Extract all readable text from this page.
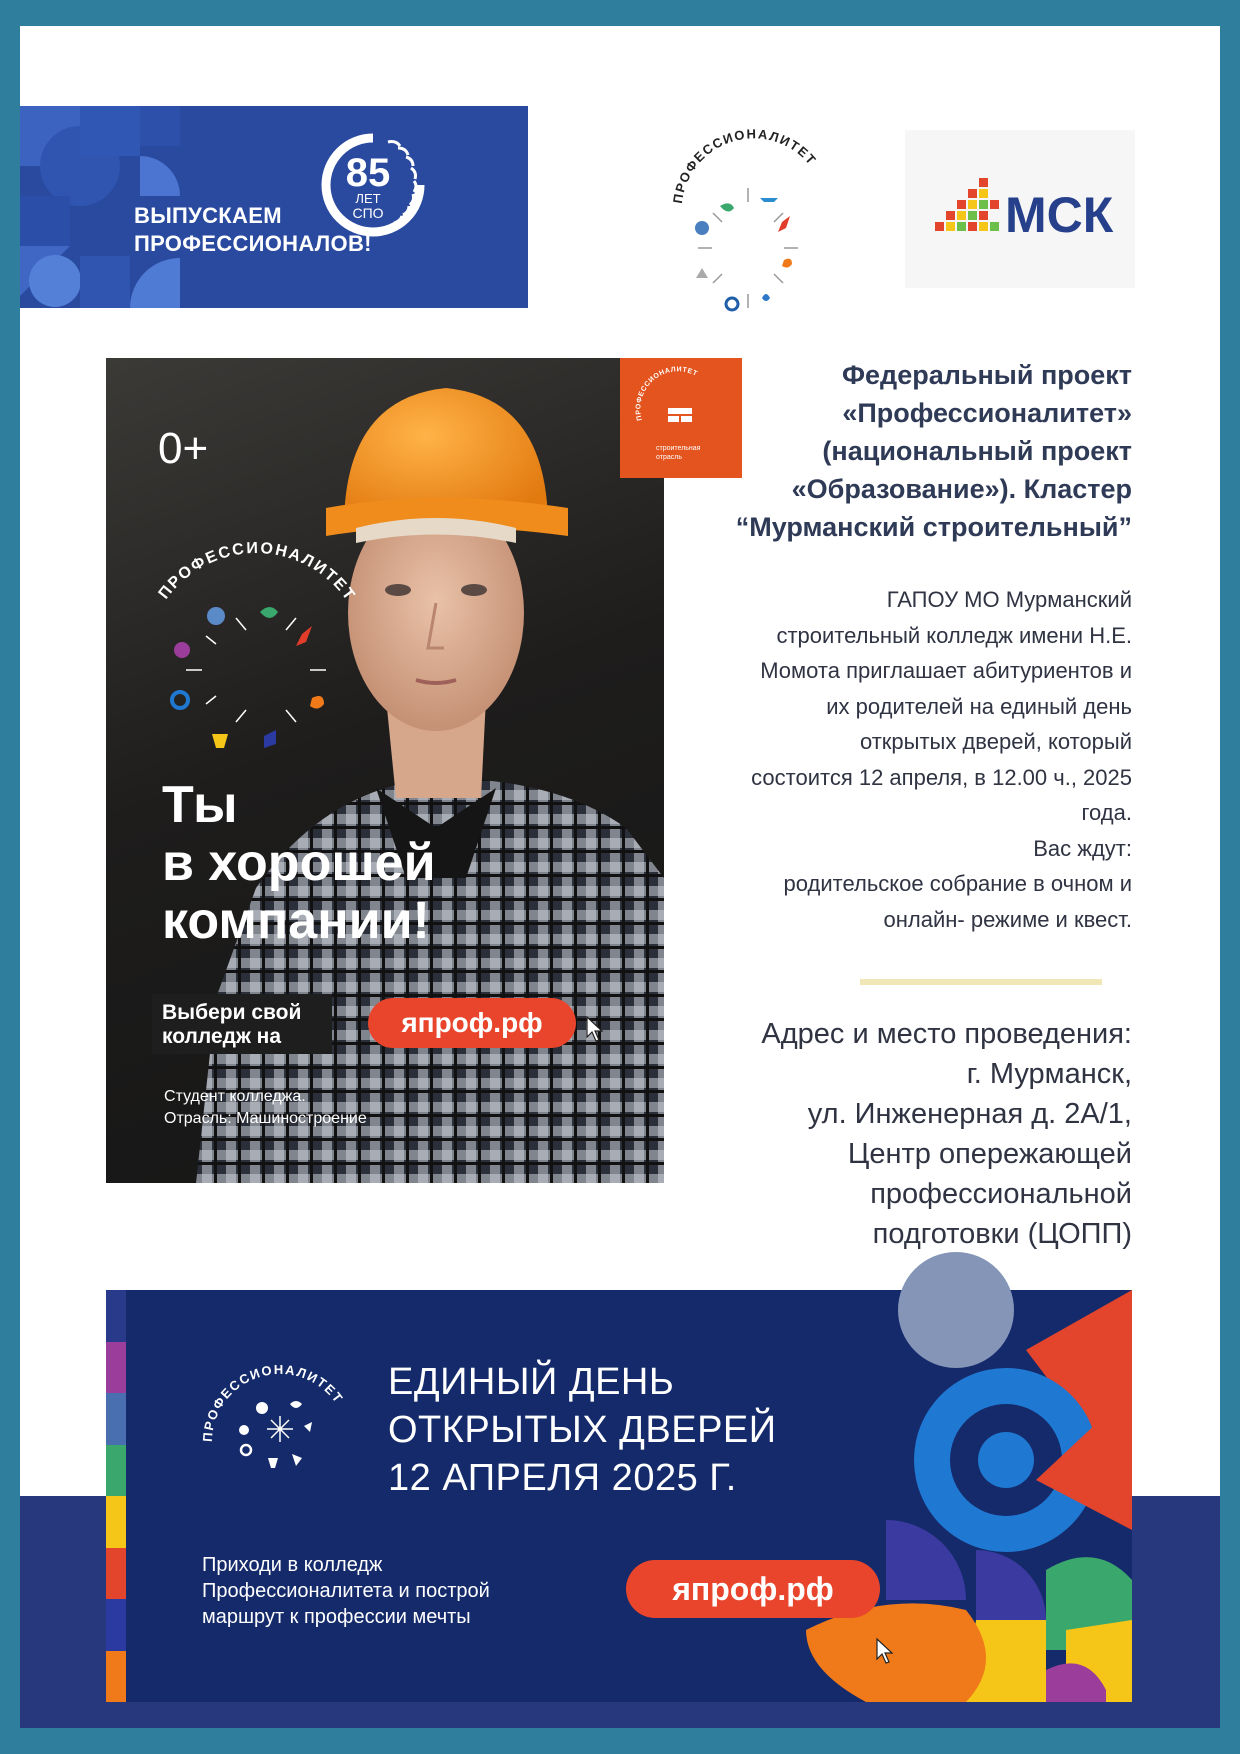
ВЫПУСКАЕМ
ПРОФЕССИОНАЛОВ!
85
ЛЕТ
СПО
ПРОФЕССИОНАЛИТЕТ
МСК
0+
ПРОФЕССИОНАЛИТЕТ
строительная
отрасль
ПРОФЕССИОНАЛИТЕТ
Ты
в хорошей
компании!
Выбери свой
колледж на	япроф.рф
Студент колледжа.
Отрасль: Машиностроение
Федеральный проект
«Профессионалитет»
(национальный проект
«Образование»). Кластер
“Мурманский строительный”
ГАПОУ МО Мурманский
строительный колледж имени Н.Е.
Момота приглашает абитуриентов и
их родителей на единый день
открытых дверей, который
состоится 12 апреля, в 12.00 ч., 2025
года.
Вас ждут:
родительское собрание в очном и
онлайн- режиме и квест.
Адрес и место проведения:
г. Мурманск,
ул. Инженерная д. 2А/1,
Центр опережающей
профессиональной
подготовки (ЦОПП)
ПРОФЕССИОНАЛИТЕТ ЕДИНЫЙ ДЕНЬ
ОТКРЫТЫХ ДВЕРЕЙ
12 АПРЕЛЯ 2025 Г.
Приходи в колледж
Профессионалитета и построй
маршрут к профессии мечты
япроф.рф
